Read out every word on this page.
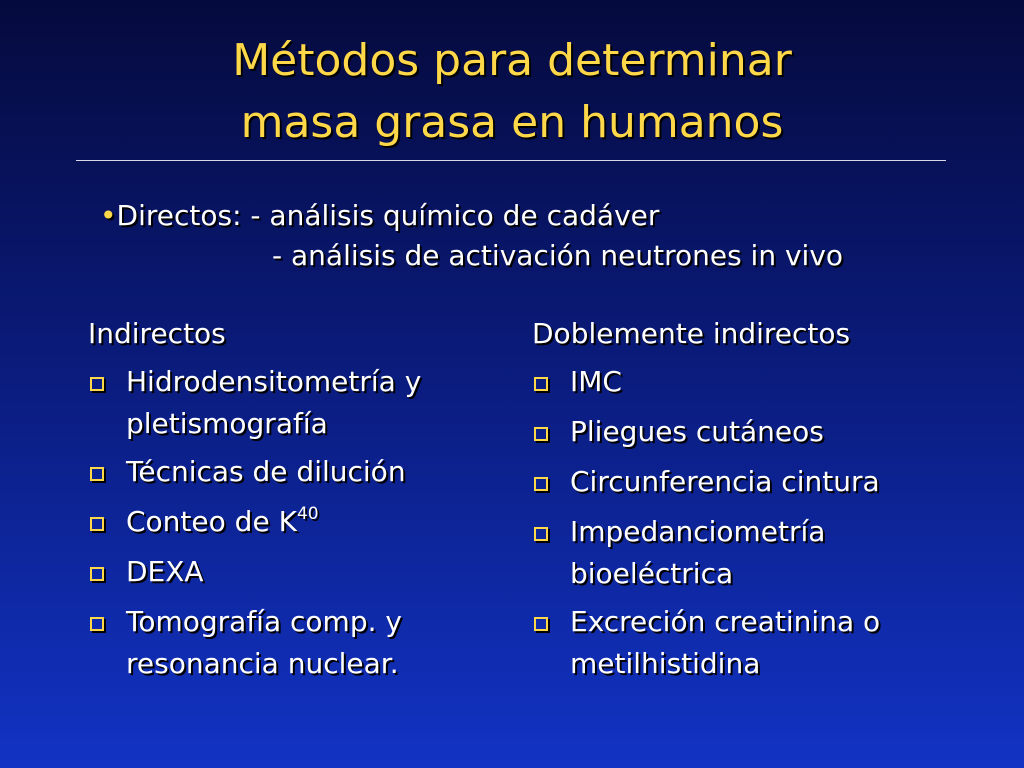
Métodos para determinar
masa grasa en humanos
•Directos: - análisis químico de cadáver
- análisis de activación neutrones in vivo
Indirectos
Hidrodensitometría y
pletismografía
Técnicas de dilución
Conteo de $K^{40}$
DEXA
Tomografía comp. y
resonancia nuclear.
Doblemente indirectos
IMC
Pliegues cutáneos
Circunferencia cintura
Impedanciometría
bioeléctrica
Excreción creatinina o
metilhistidina
